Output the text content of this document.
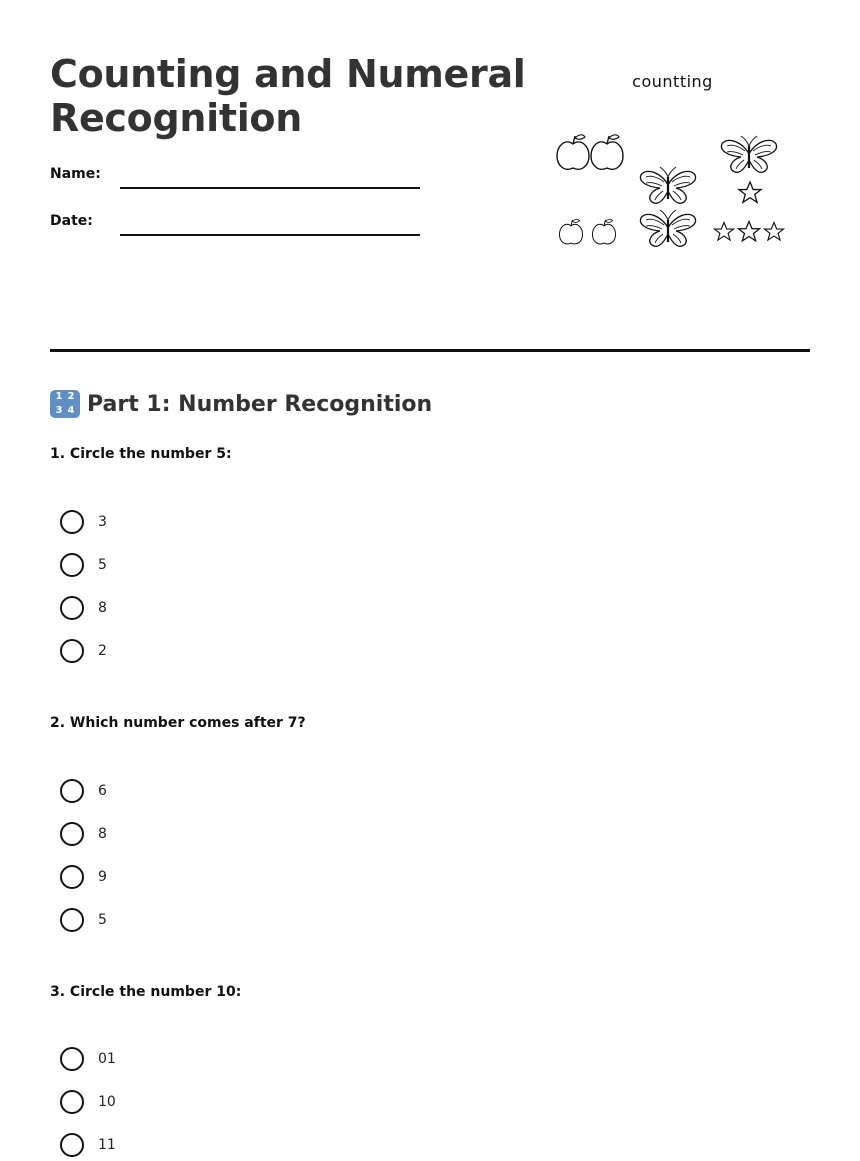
Counting and Numeral Recognition
Name:
Date:
countting
1 2
3 4 Part 1: Number Recognition
1. Circle the number 5:
3
5
8
2
2. Which number comes after 7?
6
8
9
5
3. Circle the number 10:
01
10
11
